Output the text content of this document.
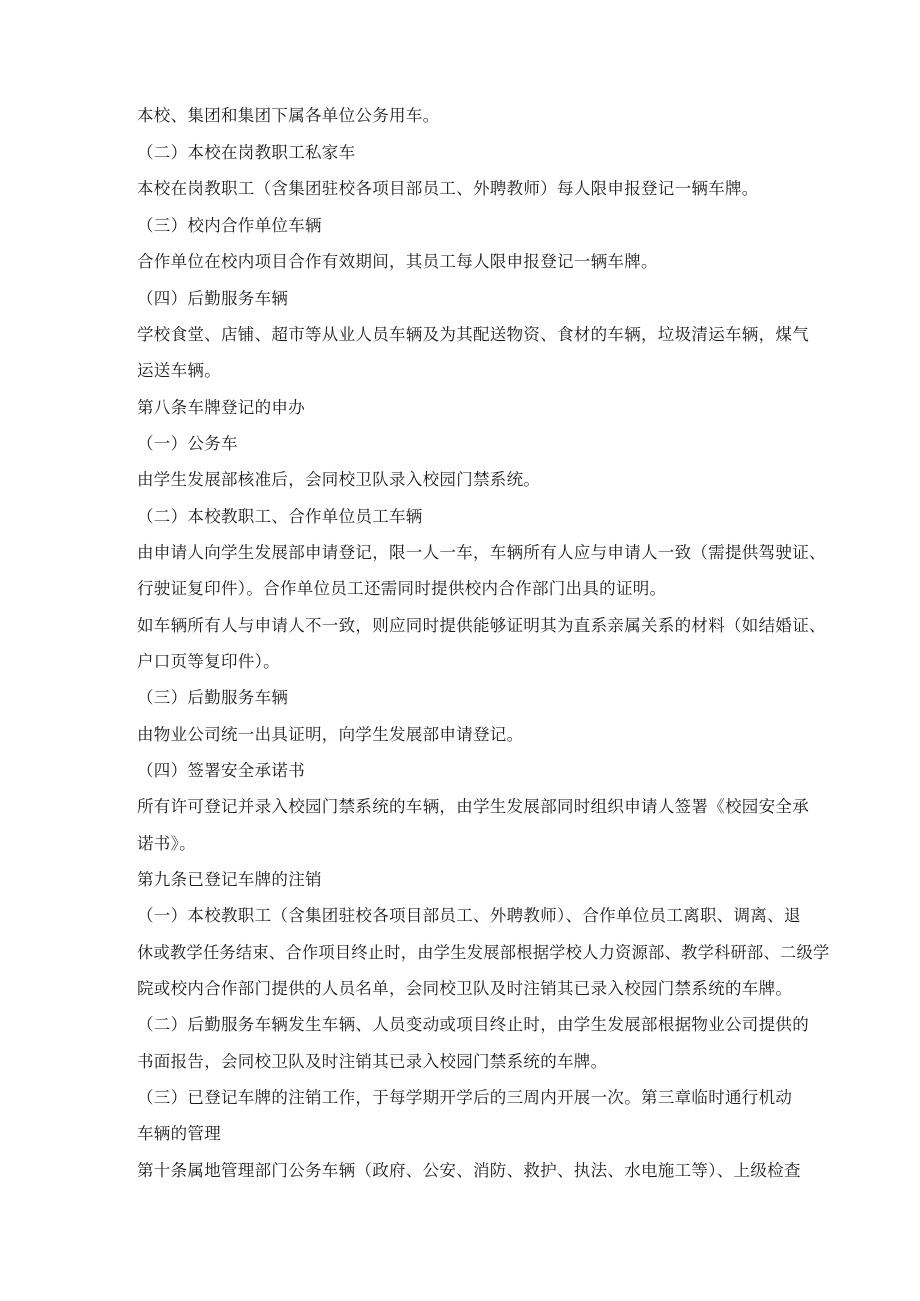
本校、集团和集团下属各单位公务用车。
（二）本校在岗教职工私家车
本校在岗教职工（含集团驻校各项目部员工、外聘教师）每人限申报登记一辆车牌。
（三）校内合作单位车辆
合作单位在校内项目合作有效期间，其员工每人限申报登记一辆车牌。
（四）后勤服务车辆
学校食堂、店铺、超市等从业人员车辆及为其配送物资、食材的车辆，垃圾清运车辆，煤气
运送车辆。
第八条车牌登记的申办
（一）公务车
由学生发展部核准后，会同校卫队录入校园门禁系统。
（二）本校教职工、合作单位员工车辆
由申请人向学生发展部申请登记，限一人一车，车辆所有人应与申请人一致（需提供驾驶证、
行驶证复印件）。合作单位员工还需同时提供校内合作部门出具的证明。
如车辆所有人与申请人不一致，则应同时提供能够证明其为直系亲属关系的材料（如结婚证、
户口页等复印件）。
（三）后勤服务车辆
由物业公司统一出具证明，向学生发展部申请登记。
（四）签署安全承诺书
所有许可登记并录入校园门禁系统的车辆，由学生发展部同时组织申请人签署《校园安全承
诺书》。
第九条已登记车牌的注销
（一）本校教职工（含集团驻校各项目部员工、外聘教师）、合作单位员工离职、调离、退
休或教学任务结束、合作项目终止时，由学生发展部根据学校人力资源部、教学科研部、二级学
院或校内合作部门提供的人员名单，会同校卫队及时注销其已录入校园门禁系统的车牌。
（二）后勤服务车辆发生车辆、人员变动或项目终止时，由学生发展部根据物业公司提供的
书面报告，会同校卫队及时注销其已录入校园门禁系统的车牌。
（三）已登记车牌的注销工作，于每学期开学后的三周内开展一次。第三章临时通行机动
车辆的管理
第十条属地管理部门公务车辆（政府、公安、消防、救护、执法、水电施工等）、上级检查
